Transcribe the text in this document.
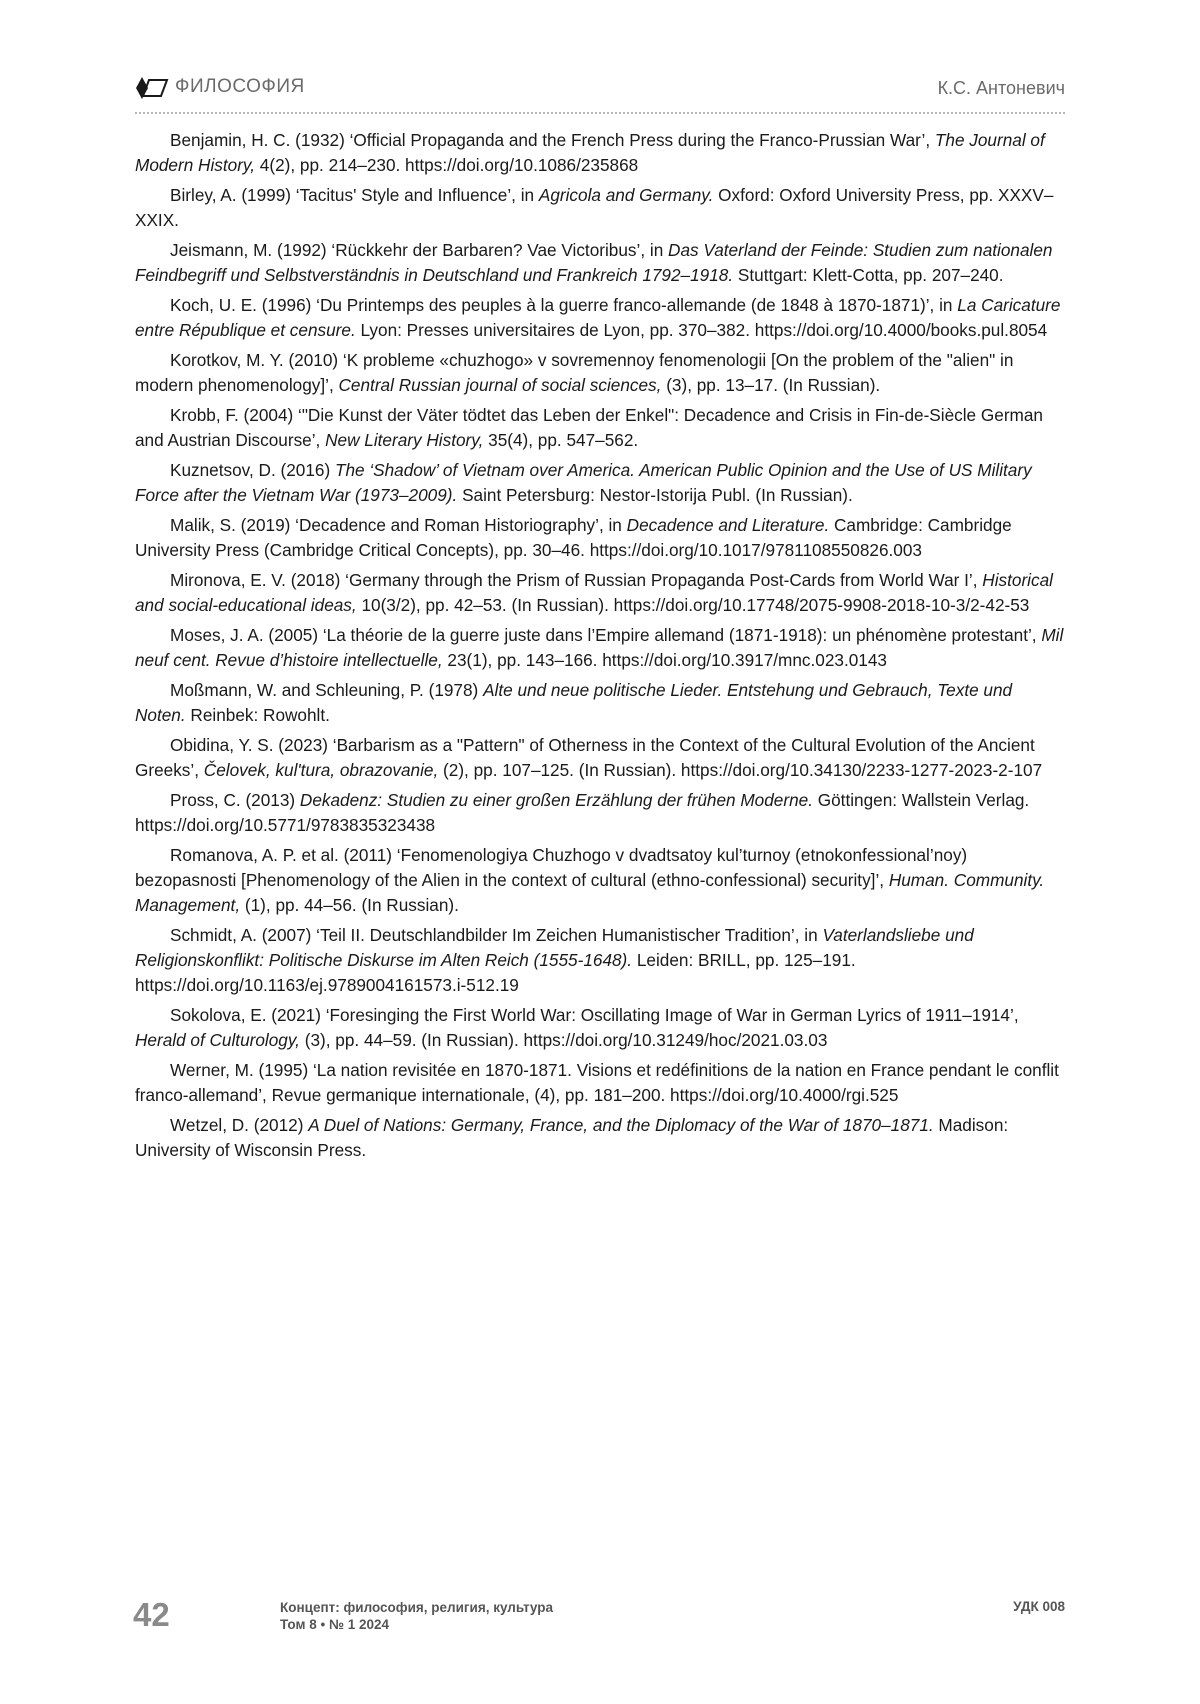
ФИЛОСОФИЯ	К.С. Антоневич

Benjamin, H. C. (1932) ‘Official Propaganda and the French Press during the Franco-Prussian War’, The Journal of Modern History, 4(2), pp. 214–230. https://doi.org/10.1086/235868

Birley, A. (1999) ‘Tacitus' Style and Influence’, in Agricola and Germany. Oxford: Oxford University Press, pp. XXXV–XXIX.

Jeismann, M. (1992) ‘Rückkehr der Barbaren? Vae Victoribus’, in Das Vaterland der Feinde: Studien zum nationalen Feindbegriff und Selbstverständnis in Deutschland und Frankreich 1792–1918. Stuttgart: Klett-Cotta, pp. 207–240.

Koch, U. E. (1996) ‘Du Printemps des peuples à la guerre franco-allemande (de 1848 à 1870-1871)’, in La Caricature entre République et censure. Lyon: Presses universitaires de Lyon, pp. 370–382. https://doi.org/10.4000/books.pul.8054

Korotkov, M. Y. (2010) ‘K probleme «chuzhogo» v sovremennoy fenomenologii [On the problem of the "alien" in modern phenomenology]’, Central Russian journal of social sciences, (3), pp. 13–17. (In Russian).

Krobb, F. (2004) ‘"Die Kunst der Väter tödtet das Leben der Enkel": Decadence and Crisis in Fin-de-Siècle German and Austrian Discourse’, New Literary History, 35(4), pp. 547–562.

Kuznetsov, D. (2016) The ‘Shadow’ of Vietnam over America. American Public Opinion and the Use of US Military Force after the Vietnam War (1973–2009). Saint Petersburg: Nestor-Istorija Publ. (In Russian).

Malik, S. (2019) ‘Decadence and Roman Historiography’, in Decadence and Literature. Cambridge: Cambridge University Press (Cambridge Critical Concepts), pp. 30–46. https://doi.org/10.1017/9781108550826.003

Mironova, E. V. (2018) ‘Germany through the Prism of Russian Propaganda Post-Cards from World War I’, Historical and social-educational ideas, 10(3/2), pp. 42–53. (In Russian). https://doi.org/10.17748/2075-9908-2018-10-3/2-42-53

Moses, J. A. (2005) ‘La théorie de la guerre juste dans l’Empire allemand (1871-1918): un phénomène protestant’, Mil neuf cent. Revue d’histoire intellectuelle, 23(1), pp. 143–166. https://doi.org/10.3917/mnc.023.0143

Moßmann, W. and Schleuning, P. (1978) Alte und neue politische Lieder. Entstehung und Gebrauch, Texte und Noten. Reinbek: Rowohlt.

Obidina, Y. S. (2023) ‘Barbarism as a "Pattern" of Otherness in the Context of the Cultural Evolution of the Ancient Greeks’, Čelovek, kul'tura, obrazovanie, (2), pp. 107–125. (In Russian). https://doi.org/10.34130/2233-1277-2023-2-107

Pross, C. (2013) Dekadenz: Studien zu einer großen Erzählung der frühen Moderne. Göttingen: Wallstein Verlag. https://doi.org/10.5771/9783835323438

Romanova, A. P. et al. (2011) ‘Fenomenologiya Chuzhogo v dvadtsatoy kul’turnoy (etnokonfessional’noy) bezopasnosti [Phenomenology of the Alien in the context of cultural (ethno-confessional) security]’, Human. Community. Management, (1), pp. 44–56. (In Russian).

Schmidt, A. (2007) ‘Teil II. Deutschlandbilder Im Zeichen Humanistischer Tradition’, in Vaterlandsliebe und Religionskonflikt: Politische Diskurse im Alten Reich (1555-1648). Leiden: BRILL, pp. 125–191. https://doi.org/10.1163/ej.9789004161573.i-512.19

Sokolova, E. (2021) ‘Foresinging the First World War: Oscillating Image of War in German Lyrics of 1911–1914’, Herald of Culturology, (3), pp. 44–59. (In Russian). https://doi.org/10.31249/hoc/2021.03.03

Werner, M. (1995) ‘La nation revisitée en 1870-1871. Visions et redéfinitions de la nation en France pendant le conflit franco-allemand’, Revue germanique internationale, (4), pp. 181–200. https://doi.org/10.4000/rgi.525

Wetzel, D. (2012) A Duel of Nations: Germany, France, and the Diplomacy of the War of 1870–1871. Madison: University of Wisconsin Press.

42	Концепт: философия, религия, культура
Том 8 • № 1 2024
УДК 008
